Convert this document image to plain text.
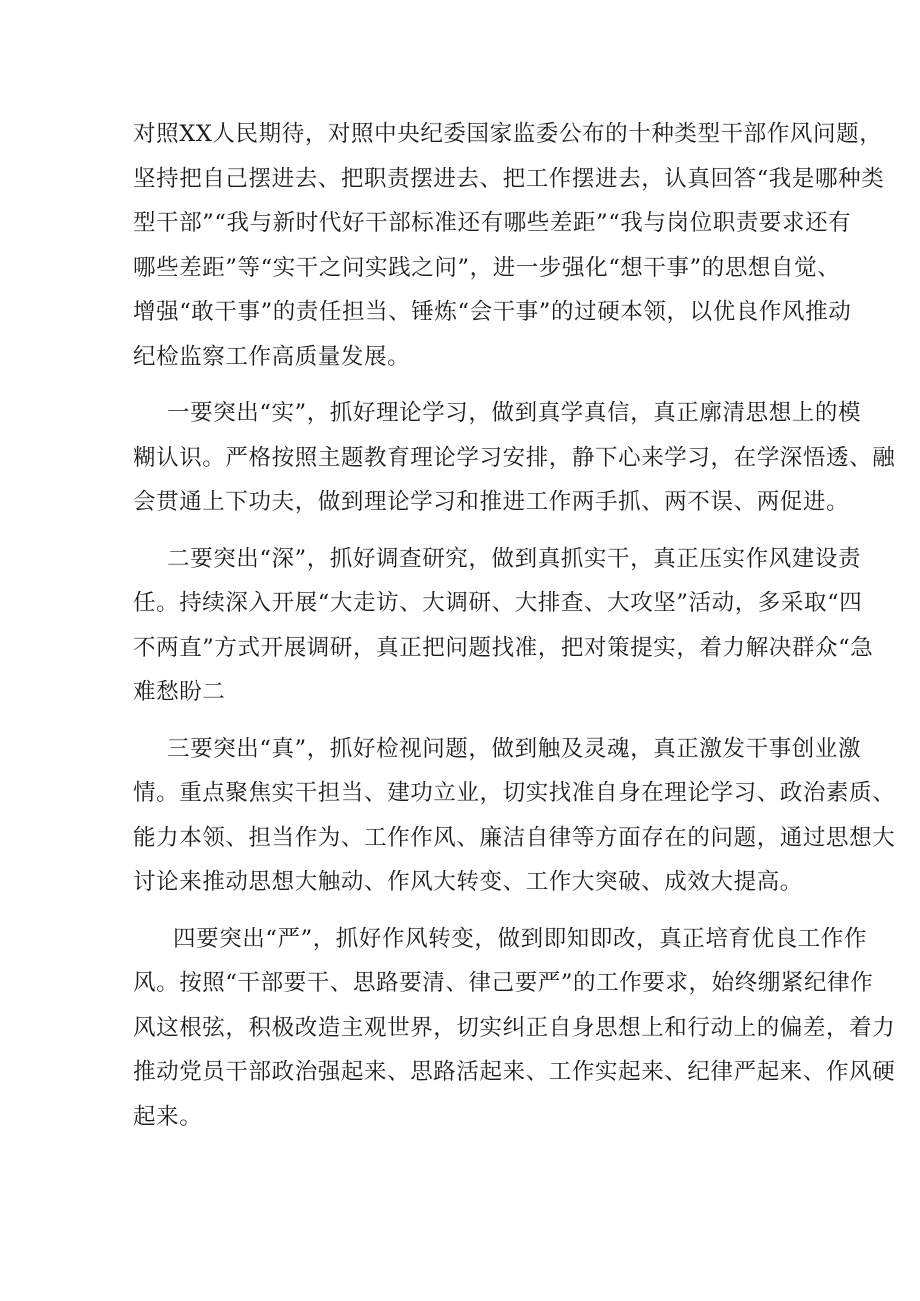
对照XX人民期待，对照中央纪委国家监委公布的十种类型干部作风问题，
坚持把自己摆进去、把职责摆进去、把工作摆进去，认真回答“我是哪种类
型干部”“我与新时代好干部标准还有哪些差距”“我与岗位职责要求还有
哪些差距”等“实干之问实践之问”，进一步强化“想干事”的思想自觉、
增强“敢干事”的责任担当、锤炼“会干事”的过硬本领，以优良作风推动
纪检监察工作高质量发展。
一要突出“实”，抓好理论学习，做到真学真信，真正廓清思想上的模
糊认识。严格按照主题教育理论学习安排，静下心来学习，在学深悟透、融
会贯通上下功夫，做到理论学习和推进工作两手抓、两不误、两促进。
二要突出“深”，抓好调查研究，做到真抓实干，真正压实作风建设责
任。持续深入开展“大走访、大调研、大排查、大攻坚”活动，多采取“四
不两直”方式开展调研，真正把问题找准，把对策提实，着力解决群众“急
难愁盼二
三要突出“真”，抓好检视问题，做到触及灵魂，真正激发干事创业激
情。重点聚焦实干担当、建功立业，切实找准自身在理论学习、政治素质、
能力本领、担当作为、工作作风、廉洁自律等方面存在的问题，通过思想大
讨论来推动思想大触动、作风大转变、工作大突破、成效大提高。
四要突出“严”，抓好作风转变，做到即知即改，真正培育优良工作作
风。按照“干部要干、思路要清、律己要严”的工作要求，始终绷紧纪律作
风这根弦，积极改造主观世界，切实纠正自身思想上和行动上的偏差，着力
推动党员干部政治强起来、思路活起来、工作实起来、纪律严起来、作风硬
起来。
